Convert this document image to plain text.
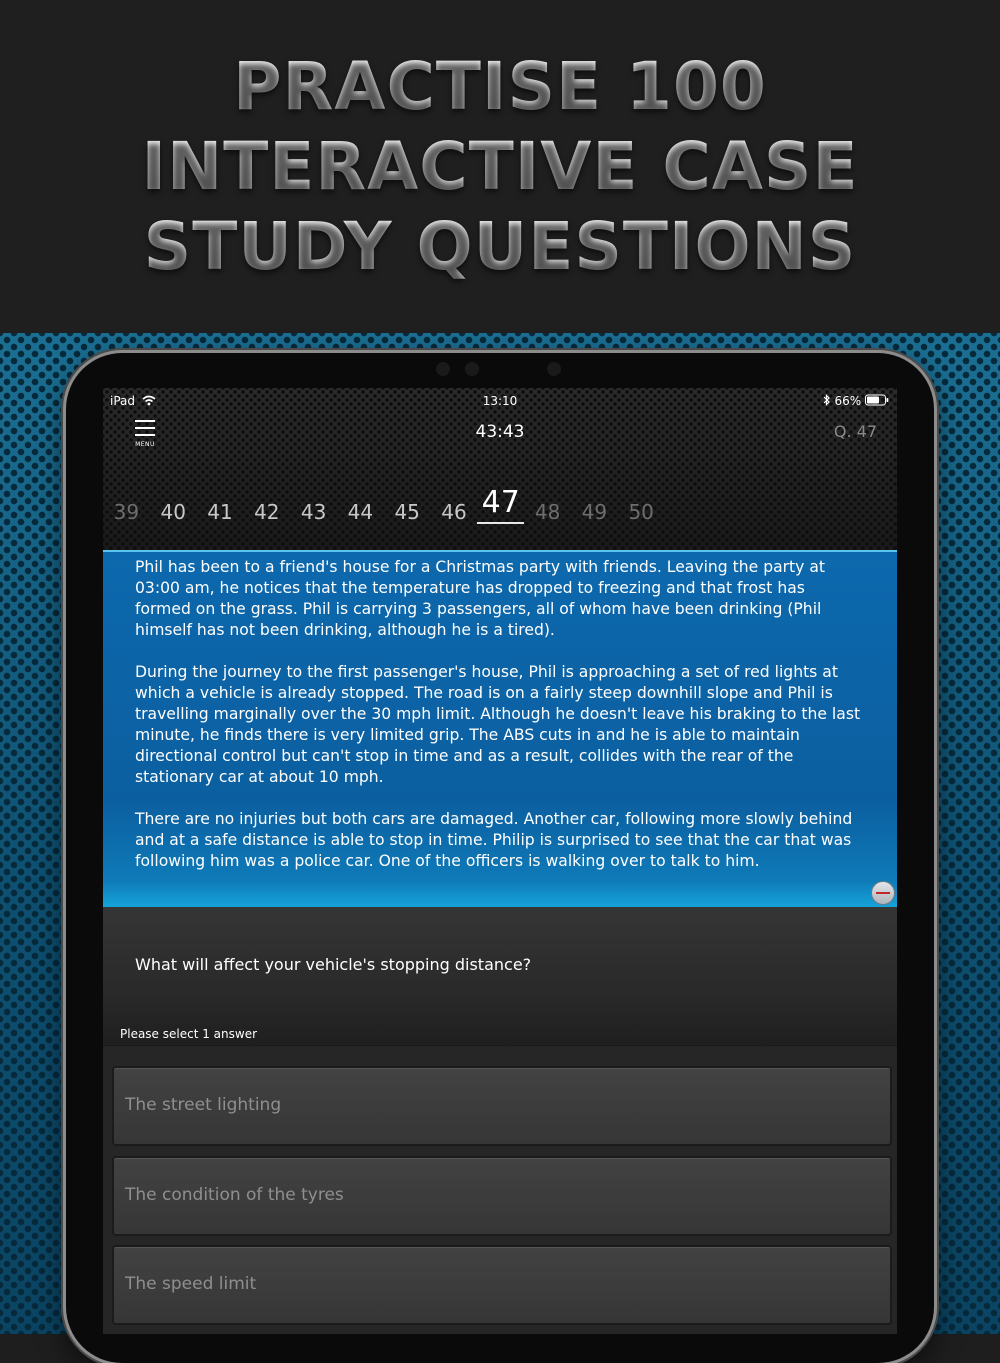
PRACTISE 100
INTERACTIVE CASE
STUDY QUESTIONS
iPad	13:10	66%
MENU
43:43	Q. 47
39	40	41	42	43	44	45	46 47 48	49	50

Phil has been to a friend's house for a Christmas party with friends. Leaving the party at 03:00 am, he notices that the temperature has dropped to freezing and that frost has formed on the grass. Phil is carrying 3 passengers, all of whom have been drinking (Phil himself has not been drinking, although he is a tired).

During the journey to the first passenger's house, Phil is approaching a set of red lights at which a vehicle is already stopped. The road is on a fairly steep downhill slope and Phil is travelling marginally over the 30 mph limit. Although he doesn't leave his braking to the last minute, he finds there is very limited grip. The ABS cuts in and he is able to maintain directional control but can't stop in time and as a result, collides with the rear of the stationary car at about 10 mph.

There are no injuries but both cars are damaged. Another car, following more slowly behind and at a safe distance is able to stop in time. Philip is surprised to see that the car that was following him was a police car. One of the officers is walking over to talk to him.

What will affect your vehicle's stopping distance?
Please select 1 answer
The street lighting
The condition of the tyres
The speed limit
